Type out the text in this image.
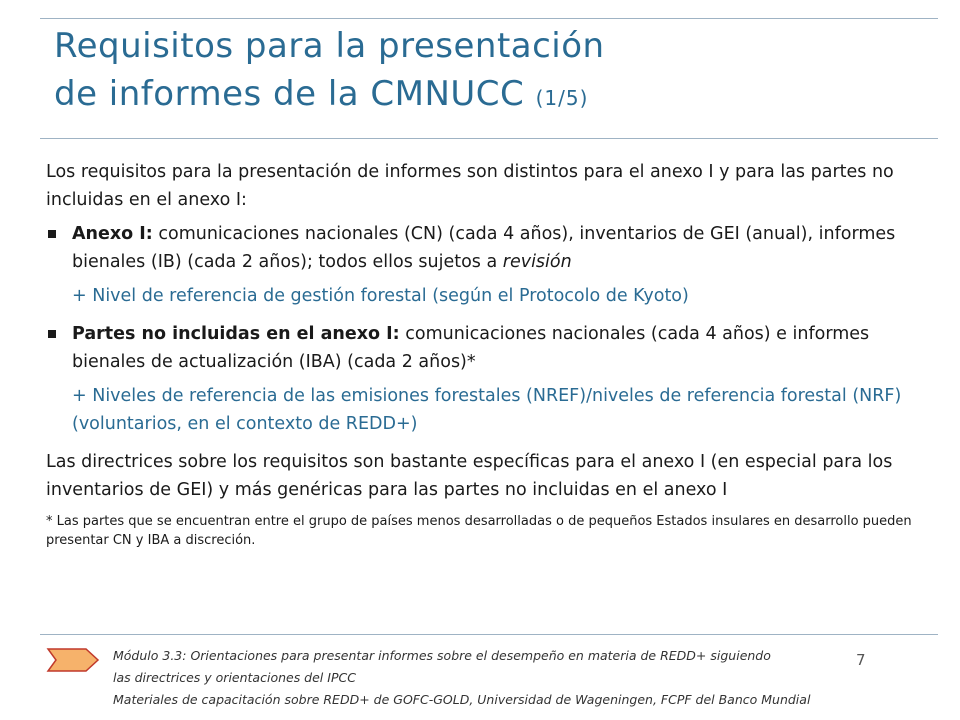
Requisitos para la presentación
de informes de la CMNUCC (1/5)

Los requisitos para la presentación de informes son distintos para el anexo I y para las partes no incluidas en el anexo I:

Anexo I: comunicaciones nacionales (CN) (cada 4 años), inventarios de GEI (anual), informes bienales (IB) (cada 2 años); todos ellos sujetos a revisión
+ Nivel de referencia de gestión forestal (según el Protocolo de Kyoto)
Partes no incluidas en el anexo I: comunicaciones nacionales (cada 4 años) e informes bienales de actualización (IBA) (cada 2 años)*
+ Niveles de referencia de las emisiones forestales (NREF)/niveles de referencia forestal (NRF) (voluntarios, en el contexto de REDD+)

Las directrices sobre los requisitos son bastante específicas para el anexo I (en especial para los inventarios de GEI) y más genéricas para las partes no incluidas en el anexo I

* Las partes que se encuentran entre el grupo de países menos desarrolladas o de pequeños Estados insulares en desarrollo pueden presentar CN y IBA a discreción.
Módulo 3.3: Orientaciones para presentar informes sobre el desempeño en materia de REDD+ siguiendo
las directrices y orientaciones del IPCC
Materiales de capacitación sobre REDD+ de GOFC-GOLD, Universidad de Wageningen, FCPF del Banco Mundial
7
